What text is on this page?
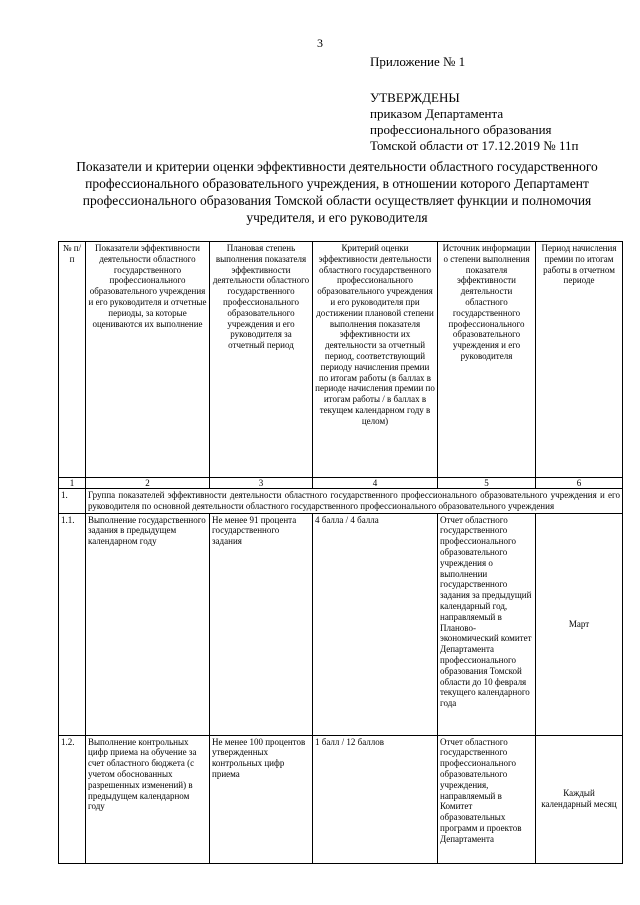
3
Приложение № 1
УТВЕРЖДЕНЫ
приказом Департамента
профессионального образования
Томской области от 17.12.2019 № 11п
Показатели и критерии оценки эффективности деятельности областного государственного профессионального образовательного учреждения, в отношении которого Департамент профессионального образования Томской области осуществляет функции и полномочия учредителя, и его руководителя
№ п/п	Показатели эффективности деятельности областного государственного профессионального образовательного учреждения и его руководителя и отчетные периоды, за которые оцениваются их выполнение	Плановая степень выполнения показателя эффективности деятельности областного государственного профессионального образовательного учреждения и его руководителя за отчетный период	Критерий оценки эффективности деятельности областного государственного профессионального образовательного учреждения и его руководителя при достижении плановой степени выполнения показателя эффективности их деятельности за отчетный период, соответствующий периоду начисления премии по итогам работы (в баллах в периоде начисления премии по итогам работы / в баллах в текущем календарном году в целом)	Источник информации о степени выполнения показателя эффективности деятельности областного государственного профессионального образовательного учреждения и его руководителя	Период начисления премии по итогам работы в отчетном периоде
1	2	3	4	5	6
1.	Группа показателей эффективности деятельности областного государственного профессионального образовательного учреждения и его руководителя по основной деятельности областного государственного профессионального образовательного учреждения				
1.1.	Выполнение государственного задания в предыдущем календарном году	Не менее 91 процента государственного задания	4 балла / 4 балла	Отчет областного государственного профессионального образовательного учреждения о выполнении государственного задания за предыдущий календарный год, направляемый в Планово-экономический комитет Департамента профессионального образования Томской области до 10 февраля текущего календарного года	Март
1.2.	Выполнение контрольных цифр приема на обучение за счет областного бюджета (с учетом обоснованных разрешенных изменений) в предыдущем календарном году	Не менее 100 процентов утвержденных контрольных цифр приема	1 балл / 12 баллов	Отчет областного государственного профессионального образовательного учреждения, направляемый в Комитет образовательных программ и проектов Департамента	Каждый календарный месяц
